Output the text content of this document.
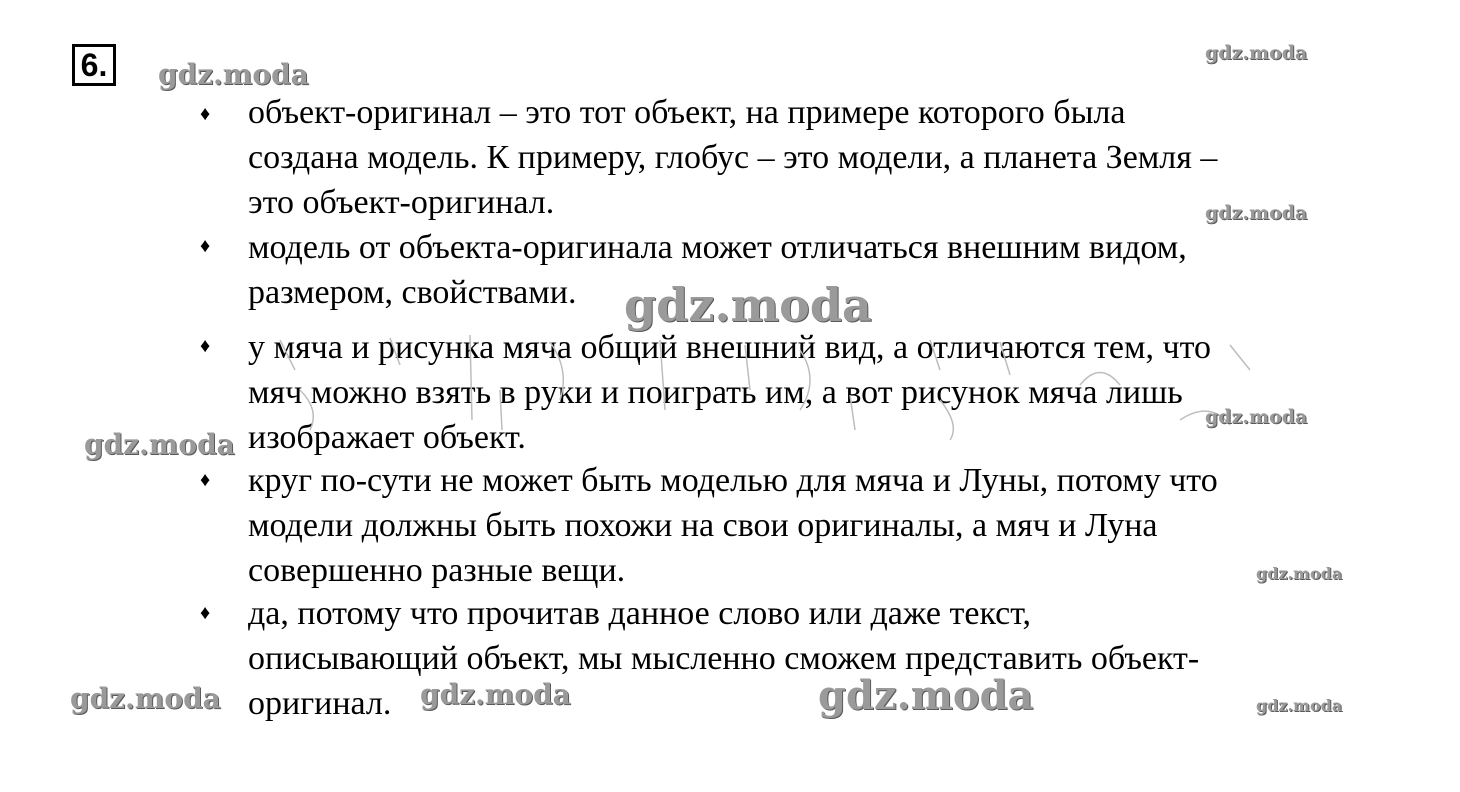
6.
♦
♦
♦
♦
♦
объект-оригинал – это тот объект, на примере которого была
создана модель. К примеру, глобус – это модели, а планета Земля –
это объект-оригинал.
модель от объекта-оригинала может отличаться внешним видом,
размером, свойствами.
у мяча и рисунка мяча общий внешний вид, а отличаются тем, что
мяч можно взять в руки и поиграть им, а вот рисунок мяча лишь
изображает объект.
круг по-сути не может быть моделью для мяча и Луны, потому что
модели должны быть похожи на свои оригиналы, а мяч и Луна
совершенно разные вещи.
да, потому что прочитав данное слово или даже текст,
описывающий объект, мы мысленно сможем представить объект-
оригинал.
gdz.moda
gdz.moda
gdz.moda
gdz.moda
gdz.moda
gdz.moda
gdz.moda
gdz.moda	gdz.moda	gdz.moda	gdz.moda
